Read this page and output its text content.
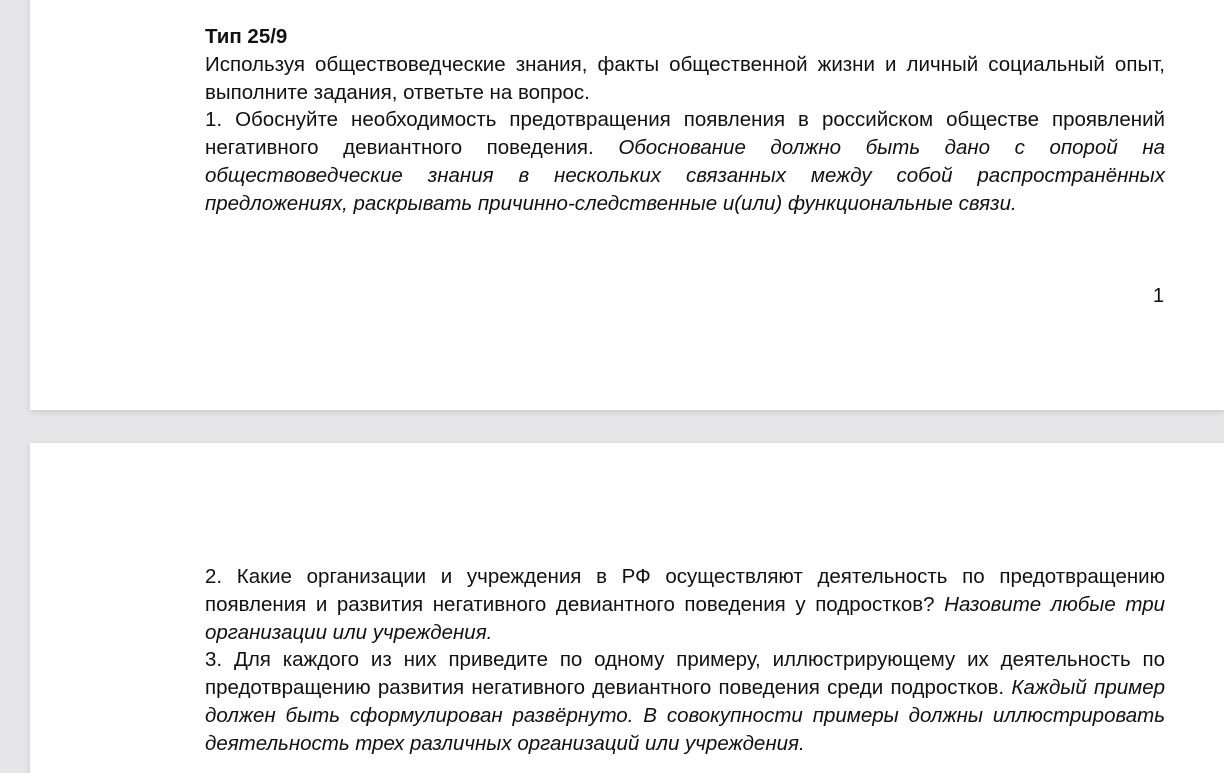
Тип 25/9

Используя обществоведческие знания, факты общественной жизни и личный социальный опыт, выполните задания, ответьте на вопрос.

1. Обоснуйте необходимость предотвращения появления в российском обществе проявлений негативного девиантного поведения. Обоснование должно быть дано с опорой на обществоведческие знания в нескольких связанных между собой распространённых предложениях, раскрывать причинно-следственные и(или) функциональные связи.

1

2. Какие организации и учреждения в РФ осуществляют деятельность по предотвращению появления и развития негативного девиантного поведения у подростков? Назовите любые три организации или учреждения.

3. Для каждого из них приведите по одному примеру, иллюстрирующему их деятельность по предотвращению развития негативного девиантного поведения среди подростков. Каждый пример должен быть сформулирован развёрнуто. В совокупности примеры должны иллюстрировать деятельность трех различных организаций или учреждения.
